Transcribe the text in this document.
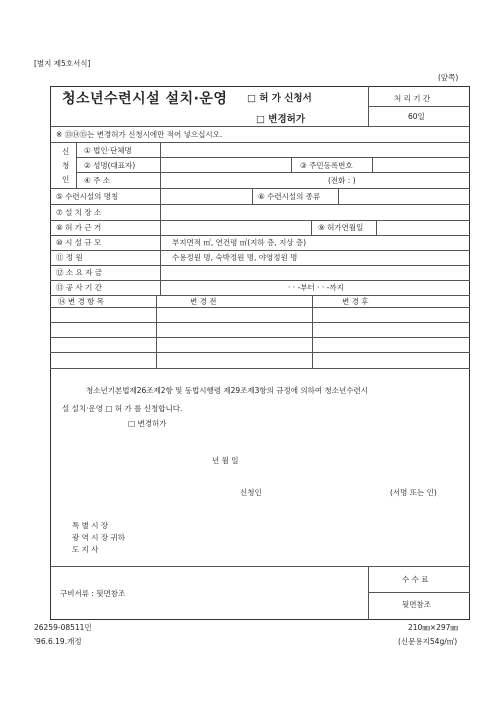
[별지 제5호서식]
(앞쪽)
청소년수련시설 설치·운영 □ 허 가 신청서
□ 변경허가
처 리 기 간
60일
※ ⑬⑭⑮는 변경허가 신청시에만 적어 넣으십시오.
신
청
인
① 법인·단체명
② 성명(대표자)	③ 주민등록번호
④ 주 소	(전화 : )
⑤ 수련시설의 명칭	⑥ 수련시설의 종류
⑦ 설 치 장 소
⑧ 허 가 근 거	⑨ 허가연월일
⑩ 시 설 규 모	부지면적 ㎡, 연건평 ㎡(지하 층, 지상 층)
⑪ 정 원	수용정원 명, 숙박정원 명, 야영정원 명
⑫ 소 요 자 금
⑬ 공 사 기 간	· · -부터 · · -까지
⑭ 변 경 항 목	변 경 전	변 경 후
청소년기본법제26조제2항 및 동법시행령 제29조제3항의 규정에 의하여 청소년수련시
설 설치·운영 □ 허 가 를 신청합니다.
□ 변경허가
년 월 일
신청인	(서명 또는 인)
특 별 시 장
광 역 시 장 귀하
도 지 사
구비서류 : 뒷면참조
수 수 료
뒷면참조
26259-08511민
'96.6.19.개정
210㎜×297㎜
(신문용지54g/㎡)
